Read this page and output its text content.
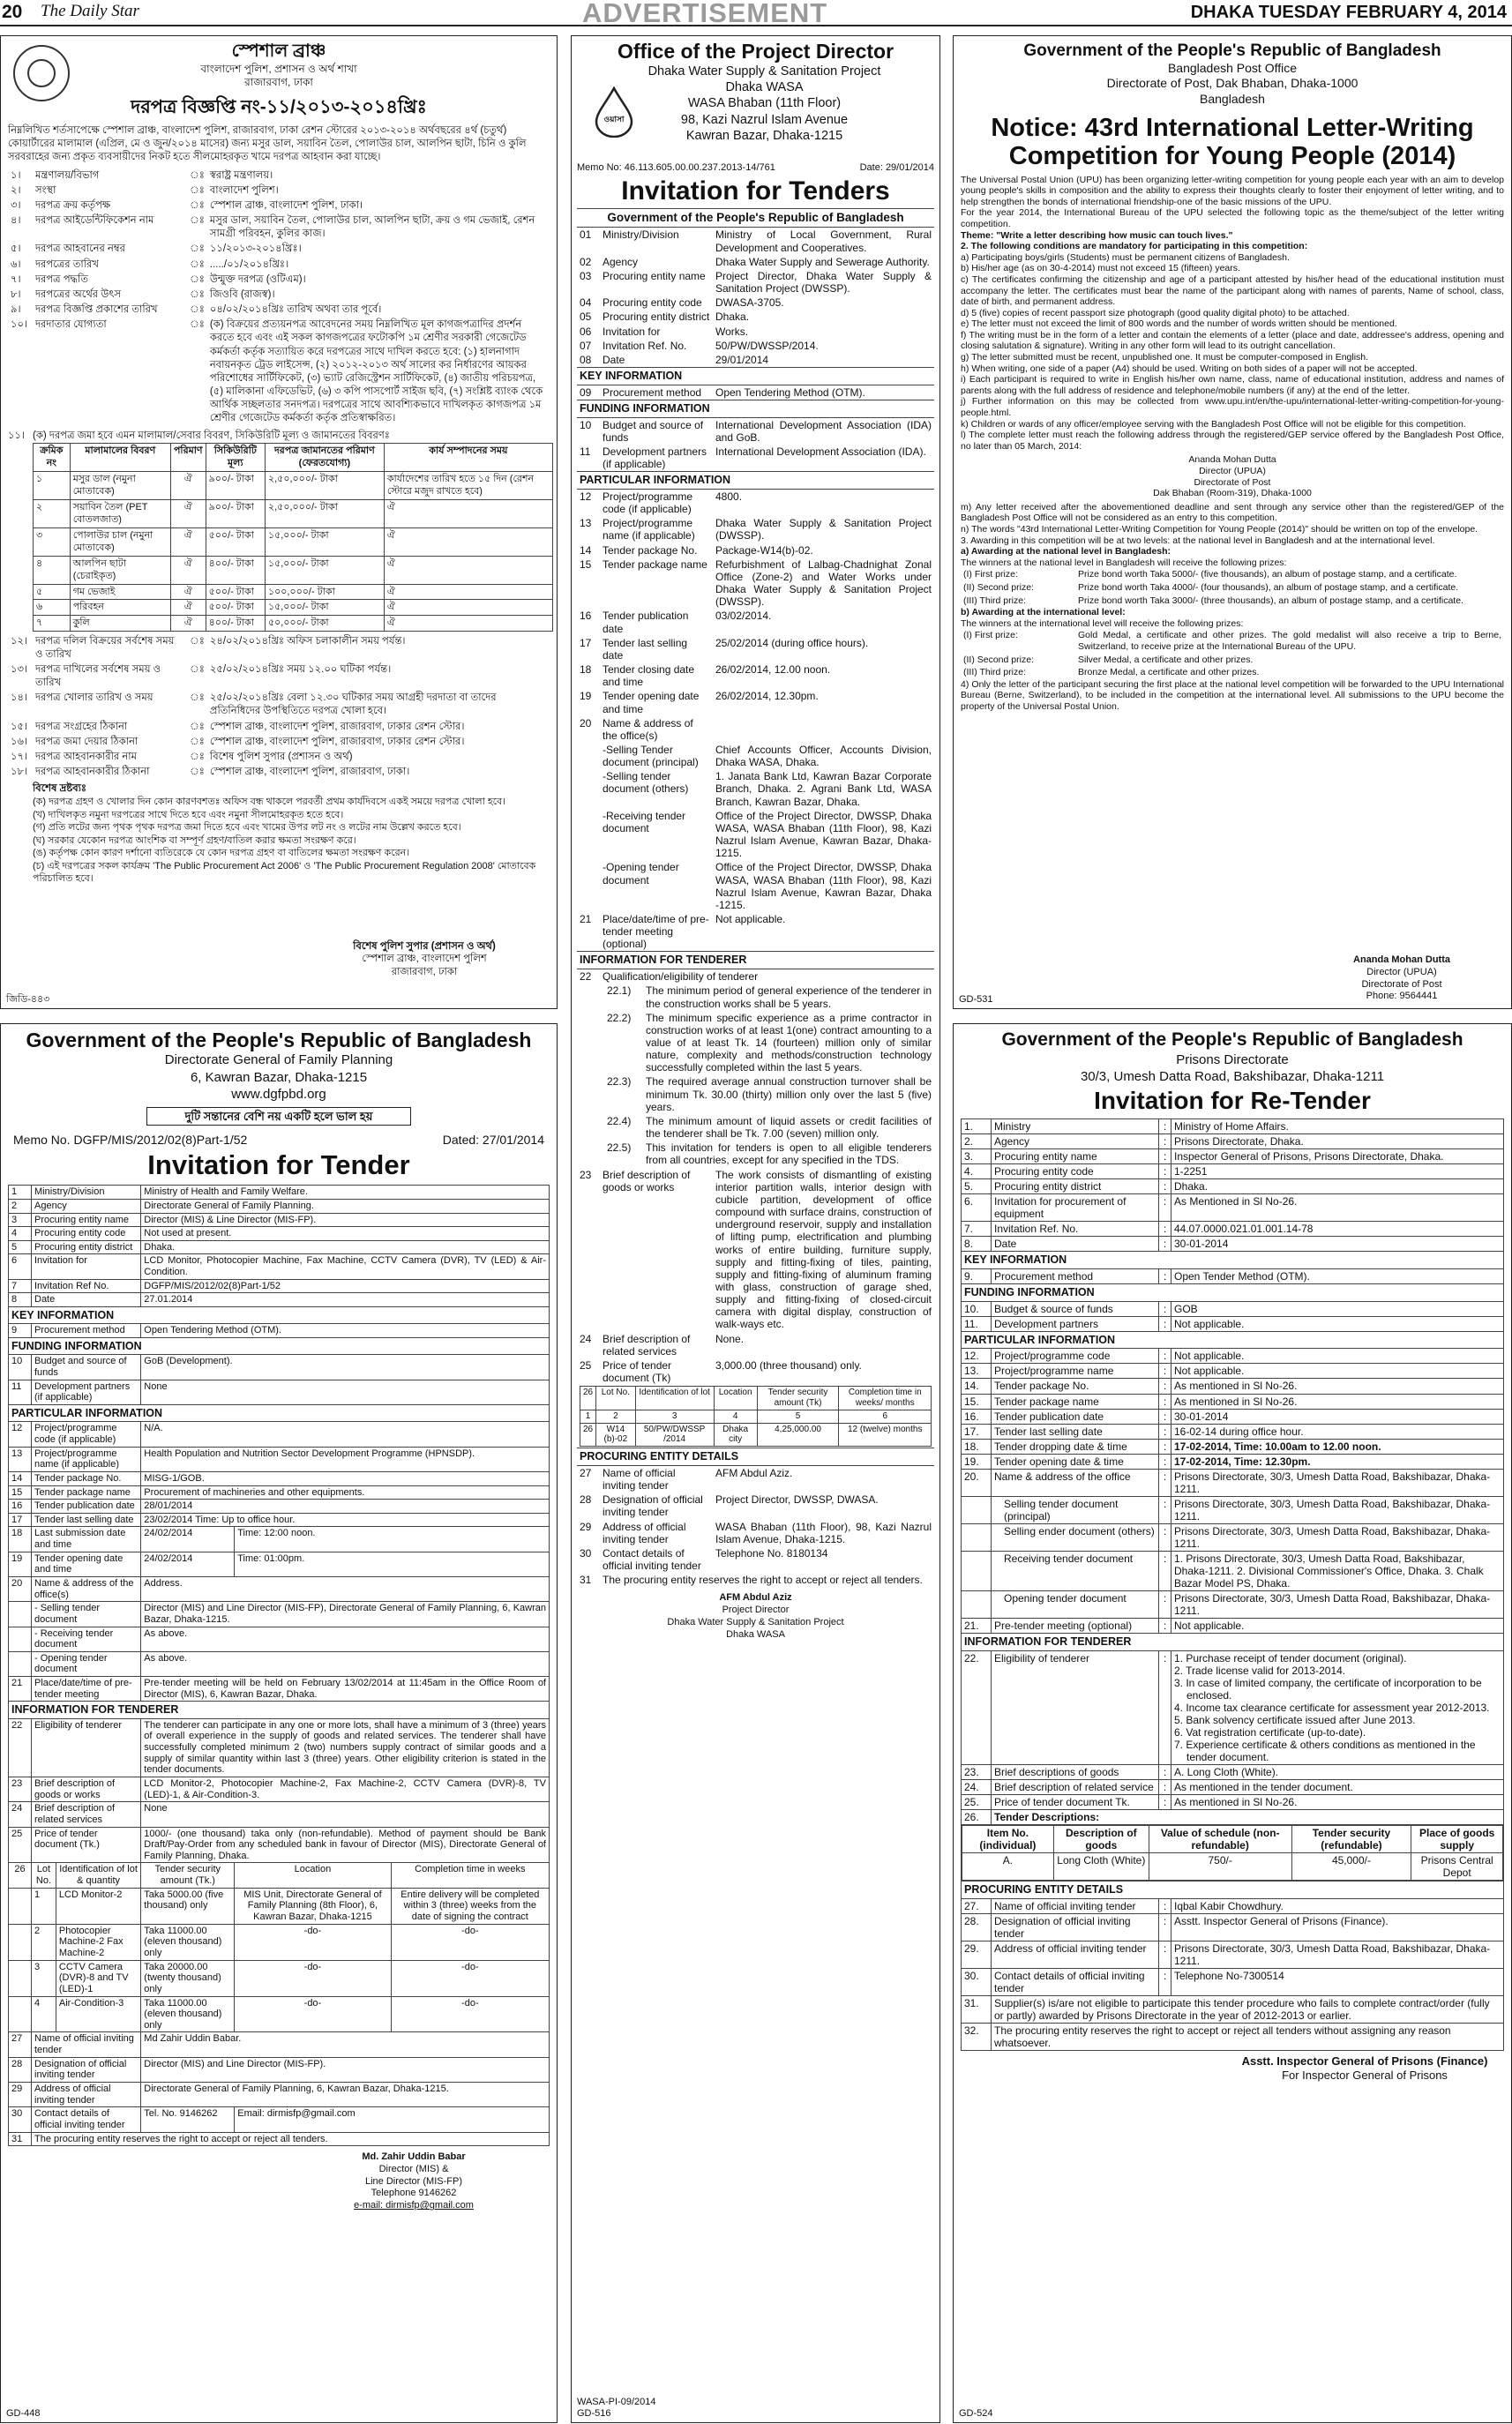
20 The Daily Star	ADVERTISEMENT	DHAKA TUESDAY FEBRUARY 4, 2014
স্পেশাল ব্রাঞ্চ
বাংলাদেশ পুলিশ, প্রশাসন ও অর্থ শাখা
রাজারবাগ, ঢাকা
দরপত্র বিজ্ঞপ্তি নং-১১/২০১৩-২০১৪খ্রিঃ
নিম্নলিখিত শর্তসাপেক্ষে স্পেশাল ব্রাঞ্চ, বাংলাদেশ পুলিশ, রাজারবাগ, ঢাকা রেশন স্টোরের ২০১৩-২০১৪ অর্থবছরের ৪র্থ (চতুর্থ) কোয়ার্টারের মালামাল (এপ্রিল, মে ও জুন/২০১৪ মাসের) জন্য মসুর ডাল, সয়াবিন তৈল, পোলাউর চাল, আলপিন ছাটা, চিনি ও কুলি সরবরাহের জন্য প্রকৃত ব্যবসায়ীদের নিকট হতে সীলমোহরকৃত খামে দরপত্র আহবান করা যাচ্ছে।
১।	মন্ত্রণালয়/বিভাগ	ঃ	স্বরাষ্ট্র মন্ত্রণালয়।
২।	সংস্থা	ঃ	বাংলাদেশ পুলিশ।
৩।	দরপত্র ক্রয় কর্তৃপক্ষ	ঃ	স্পেশাল ব্রাঞ্চ, বাংলাদেশ পুলিশ, ঢাকা।
৪।	দরপত্র আইডেন্টিফিকেশন নাম	ঃ	মসুর ডাল, সয়াবিন তৈল, পোলাউর চাল, আলপিন ছাটা, ক্রয় ও গম ভেজাই, রেশন সামগ্রী পরিবহন, কুলির কাজ।
৫।	দরপত্র আহবানের নম্বর	ঃ	১১/২০১৩-২০১৪খ্রিঃ।
৬।	দরপত্রের তারিখ	ঃ	...../০১/২০১৪খ্রিঃ।
৭।	দরপত্র পদ্ধতি	ঃ	উন্মুক্ত দরপত্র (ওটিএম)।
৮।	দরপত্রের অর্থের উৎস	ঃ	জিওবি (রাজস্ব)।
৯।	দরপত্র বিজ্ঞপ্তি প্রকাশের তারিখ	ঃ	০৪/০২/২০১৪খ্রিঃ তারিখ অথবা তার পূর্বে।
১০।	দরদাতার যোগ্যতা	ঃ	(ক) বিক্রয়ের প্রত্যয়নপত্র আবেদনের সময় নিম্নলিখিত মূল কাগজপত্রাদির প্রদর্শন করতে হবে এবং এই সকল কাগজপত্রের ফটোকপি ১ম শ্রেণীর সরকারী গেজেটেড কর্মকর্তা কর্তৃক সত্যায়িত করে দরপত্রের সাথে দাখিল করতে হবে: (১) হালনাগাদ নবায়নকৃত ট্রেড লাইসেন্স, (২) ২০১২-২০১৩ অর্থ সালের কর নির্ধারণের আয়কর পরিশোধের সার্টিফিকেট, (৩) ভ্যাট রেজিস্ট্রেশন সার্টিফিকেট, (৪) জাতীয় পরিচয়পত্র, (৫) মালিকানা এফিডেভিট, (৬) ৩ কপি পাসপোর্ট সাইজ ছবি, (৭) সংশ্লিষ্ট ব্যাংক থেকে আর্থিক সচ্ছলতার সনদপত্র। দরপত্রের সাথে আবশ্যিকভাবে দাখিলকৃত কাগজপত্র ১ম শ্রেণীর গেজেটেড কর্মকর্তা কর্তৃক প্রতিস্বাক্ষরিত।
১১। (ক) দরপত্র জমা হবে এমন মালামাল/সেবার বিবরণ, সিকিউরিটি মূল্য ও জামানতের বিবরণঃ
ক্রমিক নং	মালামালের বিবরণ	পরিমাণ	সিকিউরিটি মূল্য	দরপত্র জামানতের পরিমাণ (ফেরতযোগ্য)	কার্য সম্পাদনের সময়
১	মসুর ডাল (নমুনা মোতাবেক)	ঐ	৯০০/- টাকা	২,৫০,০০০/- টাকা	কার্যাদেশের তারিখ হতে ১৫ দিন (রেশন স্টোরে মজুদ রাখতে হবে)
২	সয়াবিন তৈল (PET বোতলজাত)	ঐ	৯০০/- টাকা	২,৫০,০০০/- টাকা	ঐ
৩	পোলাউর চাল (নমুনা মোতাবেক)	ঐ	৫০০/- টাকা	১৫,০০০/- টাকা	ঐ
৪	আলপিন ছাটা (চেরাইকৃত)	ঐ	৪০০/- টাকা	১৫,০০০/- টাকা	ঐ
৫	গম ভেজাই	ঐ	৫০০/- টাকা	১০০,০০০/- টাকা	ঐ
৬	পরিবহন	ঐ	৫০০/- টাকা	১৫,০০০/- টাকা	ঐ
৭	কুলি	ঐ	৪০০/- টাকা	৫০,০০০/- টাকা	ঐ
১২।	দরপত্র দলিল বিক্রয়ের সর্বশেষ সময় ও তারিখ	ঃ	২৪/০২/২০১৪খ্রিঃ অফিস চলাকালীন সময় পর্যন্ত।
১৩।	দরপত্র দাখিলের সর্বশেষ সময় ও তারিখ	ঃ	২৫/০২/২০১৪খ্রিঃ সময় ১২.০০ ঘটিকা পর্যন্ত।
১৪।	দরপত্র খোলার তারিখ ও সময়	ঃ	২৫/০২/২০১৪খ্রিঃ বেলা ১২.৩০ ঘটিকার সময় আগ্রহী দরদাতা বা তাদের প্রতিনিধিদের উপস্থিতিতে দরপত্র খোলা হবে।
১৫।	দরপত্র সংগ্রহের ঠিকানা	ঃ	স্পেশাল ব্রাঞ্চ, বাংলাদেশ পুলিশ, রাজারবাগ, ঢাকার রেশন স্টোর।
১৬।	দরপত্র জমা দেয়ার ঠিকানা	ঃ	স্পেশাল ব্রাঞ্চ, বাংলাদেশ পুলিশ, রাজারবাগ, ঢাকার রেশন স্টোর।
১৭।	দরপত্র আহবানকারীর নাম	ঃ	বিশেষ পুলিশ সুপার (প্রশাসন ও অর্থ)
১৮।	দরপত্র আহবানকারীর ঠিকানা	ঃ	স্পেশাল ব্রাঞ্চ, বাংলাদেশ পুলিশ, রাজারবাগ, ঢাকা।
বিশেষ দ্রষ্টব্যঃ
(ক) দরপত্র গ্রহণ ও খোলার দিন কোন কারণবশতঃ অফিস বন্ধ থাকলে পরবর্তী প্রথম কার্যদিবসে একই সময়ে দরপত্র খোলা হবে।
(খ) দাখিলকৃত নমুনা দরপত্রের সাথে দিতে হবে এবং নমুনা সীলমোহরকৃত হতে হবে।
(গ) প্রতি লটের জন্য পৃথক পৃথক দরপত্র জমা দিতে হবে এবং খামের উপর লট নং ও লটের নাম উল্লেখ করতে হবে।
(ঘ) সরকার যেকোন দরপত্র আংশিক বা সম্পূর্ণ গ্রহণ/বাতিল করার ক্ষমতা সংরক্ষণ করে।
(ঙ) কর্তৃপক্ষ কোন কারণ দর্শানো ব্যতিরেকে যে কোন দরপত্র গ্রহণ বা বাতিলের ক্ষমতা সংরক্ষণ করেন।
(চ) এই দরপত্রের সকল কার্যক্রম 'The Public Procurement Act 2006' ও 'The Public Procurement Regulation 2008' মোতাবেক পরিচালিত হবে।
বিশেষ পুলিশ সুপার (প্রশাসন ও অর্থ)
স্পেশাল ব্রাঞ্চ, বাংলাদেশ পুলিশ
রাজারবাগ, ঢাকা
জিডি-৪৪৩
Office of the Project Director
ওয়াসা
Dhaka Water Supply & Sanitation Project
Dhaka WASA
WASA Bhaban (11th Floor)
98, Kazi Nazrul Islam Avenue
Kawran Bazar, Dhaka-1215
Memo No: 46.113.605.00.00.237.2013-14/761	Date: 29/01/2014
Invitation for Tenders
Government of the People's Republic of Bangladesh
01	Ministry/Division	Ministry of Local Government, Rural Development and Cooperatives.
02	Agency	Dhaka Water Supply and Sewerage Authority.
03	Procuring entity name	Project Director, Dhaka Water Supply & Sanitation Project (DWSSP).
04	Procuring entity code	DWASA-3705.
05	Procuring entity district	Dhaka.
06	Invitation for	Works.
07	Invitation Ref. No.	50/PW/DWSSP/2014.
08	Date	29/01/2014
KEY INFORMATION
09	Procurement method	Open Tendering Method (OTM).
FUNDING INFORMATION
10	Budget and source of funds	International Development Association (IDA) and GoB.
11	Development partners (if applicable)	International Development Association (IDA).
PARTICULAR INFORMATION
12	Project/programme code (if applicable)	4800.
13	Project/programme name (if applicable)	Dhaka Water Supply & Sanitation Project (DWSSP).
14	Tender package No.	Package-W14(b)-02.
15	Tender package name	Refurbishment of Lalbag-Chadnighat Zonal Office (Zone-2) and Water Works under Dhaka Water Supply & Sanitation Project (DWSSP).
16	Tender publication date	03/02/2014.
17	Tender last selling date	25/02/2014 (during office hours).
18	Tender closing date and time	26/02/2014, 12.00 noon.
19	Tender opening date and time	26/02/2014, 12.30pm.
20	Name & address of the office(s)	
	-Selling Tender document (principal)	Chief Accounts Officer, Accounts Division, Dhaka WASA, Dhaka.
	-Selling tender document (others)	1. Janata Bank Ltd, Kawran Bazar Corporate Branch, Dhaka. 2. Agrani Bank Ltd, WASA Branch, Kawran Bazar, Dhaka.
	-Receiving tender document	Office of the Project Director, DWSSP, Dhaka WASA, WASA Bhaban (11th Floor), 98, Kazi Nazrul Islam Avenue, Kawran Bazar, Dhaka-1215.
	-Opening tender document	Office of the Project Director, DWSSP, Dhaka WASA, WASA Bhaban (11th Floor), 98, Kazi Nazrul Islam Avenue, Kawran Bazar, Dhaka -1215.
21	Place/date/time of pre-tender meeting (optional)	Not applicable.
INFORMATION FOR TENDERER
22	Qualification/eligibility of tenderer

22.1)	The minimum period of general experience of the tenderer in the construction works shall be 5 years.

22.2)	The minimum specific experience as a prime contractor in construction works of at least 1(one) contract amounting to a value of at least Tk. 14 (fourteen) million only of similar nature, complexity and methods/construction technology successfully completed within the last 5 years.

22.3)	The required average annual construction turnover shall be minimum Tk. 30.00 (thirty) million only over the last 5 (five) years.

22.4)	The minimum amount of liquid assets or credit facilities of the tenderer shall be Tk. 7.00 (seven) million only.

22.5)	This invitation for tenders is open to all eligible tenderers from all countries, except for any specified in the TDS.

23	Brief description of goods or works	The work consists of dismantling of existing interior partition walls, interior design with cubicle partition, development of office compound with surface drains, construction of underground reservoir, supply and installation of lifting pump, electrification and plumbing works of entire building, furniture supply, supply and fitting-fixing of tiles, painting, supply and fitting-fixing of aluminum framing with glass, construction of garage shed, supply and fitting-fixing of closed-circuit camera with digital display, construction of walk-ways etc.
24	Brief description of related services	None.
25	Price of tender document (Tk)	3,000.00 (three thousand) only.

26	Lot No.	Identification of lot	Location	Tender security amount (Tk)	Completion time in weeks/ months
1	2	3	4	5	6
26	W14 (b)-02	50/PW/DWSSP /2014	Dhaka city	4,25,000.00	12 (twelve) months

PROCURING ENTITY DETAILS
27	Name of official inviting tender	AFM Abdul Aziz.
28	Designation of official inviting tender	Project Director, DWSSP, DWASA.
29	Address of official inviting tender	WASA Bhaban (11th Floor), 98, Kazi Nazrul Islam Avenue, Dhaka-1215.
30	Contact details of official inviting tender	Telephone No. 8180134
31	The procuring entity reserves the right to accept or reject all tenders.
AFM Abdul Aziz
Project Director
Dhaka Water Supply & Sanitation Project
Dhaka WASA
WASA-PI-09/2014
GD-516
Government of the People's Republic of Bangladesh
Bangladesh Post Office
Directorate of Post, Dak Bhaban, Dhaka-1000
Bangladesh
Notice: 43rd International Letter-Writing Competition for Young People (2014)

The Universal Postal Union (UPU) has been organizing letter-writing competition for young people each year with an aim to develop young people's skills in composition and the ability to express their thoughts clearly to foster their enjoyment of letter writing, and to help strengthen the bonds of international friendship-one of the basic missions of the UPU.

For the year 2014, the International Bureau of the UPU selected the following topic as the theme/subject of the letter writing competition.

Theme: "Write a letter describing how music can touch lives."

2. The following conditions are mandatory for participating in this competition:

a) Participating boys/girls (Students) must be permanent citizens of Bangladesh.

b) His/her age (as on 30-4-2014) must not exceed 15 (fifteen) years.

c) The certificates confirming the citizenship and age of a participant attested by his/her head of the educational institution must accompany the letter. The certificates must bear the name of the participant along with names of parents, Name of school, class, date of birth, and permanent address.

d) 5 (five) copies of recent passport size photograph (good quality digital photo) to be attached.

e) The letter must not exceed the limit of 800 words and the number of words written should be mentioned.

f) The writing must be in the form of a letter and contain the elements of a letter (place and date, addressee's address, opening and closing salutation & signature). Writing in any other form will lead to its outright cancellation.

g) The letter submitted must be recent, unpublished one. It must be computer-composed in English.

h) When writing, one side of a paper (A4) should be used. Writing on both sides of a paper will not be accepted.

i) Each participant is required to write in English his/her own name, class, name of educational institution, address and names of parents along with the full address of residence and telephone/mobile numbers (if any) at the end of the letter.

j) Further information on this may be collected from www.upu.int/en/the-upu/international-letter-writing-competition-for-young-people.html.

k) Children or wards of any officer/employee serving with the Bangladesh Post Office will not be eligible for this competition.

l) The complete letter must reach the following address through the registered/GEP service offered by the Bangladesh Post Office, no later than 05 March, 2014:

Ananda Mohan Dutta
Director (UPUA)
Directorate of Post
Dak Bhaban (Room-319), Dhaka-1000

m) Any letter received after the abovementioned deadline and sent through any service other than the registered/GEP of the Bangladesh Post Office will not be considered as an entry to this competition.

n) The words "43rd International Letter-Writing Competition for Young People (2014)" should be written on top of the envelope.

3. Awarding in this competition will be at two levels: at the national level in Bangladesh and at the international level.

a) Awarding at the national level in Bangladesh:

The winners at the national level in Bangladesh will receive the following prizes:

(I) First prize:	Prize bond worth Taka 5000/- (five thousands), an album of postage stamp, and a certificate.
(II) Second prize:	Prize bond worth Taka 4000/- (four thousands), an album of postage stamp, and a certificate.
(III) Third prize:	Prize bond worth Taka 3000/- (three thousands), an album of postage stamp, and a certificate.

b) Awarding at the international level:

The winners at the international level will receive the following prizes:

(I) First prize:	Gold Medal, a certificate and other prizes. The gold medalist will also receive a trip to Berne, Switzerland, to receive prize at the International Bureau of the UPU.
(II) Second prize:	Silver Medal, a certificate and other prizes.
(III) Third prize:	Bronze Medal, a certificate and other prizes.

4) Only the letter of the participant securing the first place at the national level competition will be forwarded to the UPU International Bureau (Berne, Switzerland), to be included in the competition at the international level. All submissions to the UPU become the property of the Universal Postal Union.

Ananda Mohan Dutta
Director (UPUA)
Directorate of Post
Phone: 9564441
GD-531
Government of the People's Republic of Bangladesh
Directorate General of Family Planning
6, Kawran Bazar, Dhaka-1215
www.dgfpbd.org
দুটি সন্তানের বেশি নয় একটি হলে ভাল হয়
Memo No. DGFP/MIS/2012/02(8)Part-1/52	Dated: 27/01/2014
Invitation for Tender
1	Ministry/Division		Ministry of Health and Family Welfare.		
2	Agency		Directorate General of Family Planning.		
3	Procuring entity name		Director (MIS) & Line Director (MIS-FP).		
4	Procuring entity code		Not used at present.		
5	Procuring entity district		Dhaka.		
6	Invitation for		LCD Monitor, Photocopier Machine, Fax Machine, CCTV Camera (DVR), TV (LED) & Air-Condition.		
7	Invitation Ref No.		DGFP/MIS/2012/02(8)Part-1/52		
8	Date		27.01.2014		
KEY INFORMATION					
9	Procurement method		Open Tendering Method (OTM).		
FUNDING INFORMATION					
10	Budget and source of funds		GoB (Development).		
11	Development partners (if applicable)		None		
PARTICULAR INFORMATION					
12	Project/programme code (if applicable)		N/A.		
13	Project/programme name (if applicable)		Health Population and Nutrition Sector Development Programme (HPNSDP).		
14	Tender package No.		MISG-1/GOB.		
15	Tender package name		Procurement of machineries and other equipments.		
16	Tender publication date		28/01/2014		
17	Tender last selling date		23/02/2014 Time: Up to office hour.		
18	Last submission date and time		24/02/2014	Time: 12:00 noon.	
19	Tender opening date and time		24/02/2014	Time: 01:00pm.	
20	Name & address of the office(s)		Address.		
	- Selling tender document		Director (MIS) and Line Director (MIS-FP), Directorate General of Family Planning, 6, Kawran Bazar, Dhaka-1215.		
	- Receiving tender document		As above.		
	- Opening tender document		As above.		
21	Place/date/time of pre-tender meeting		Pre-tender meeting will be held on February 13/02/2014 at 11:45am in the Office Room of Director (MIS), 6, Kawran Bazar, Dhaka.		
INFORMATION FOR TENDERER					
22	Eligibility of tenderer		The tenderer can participate in any one or more lots, shall have a minimum of 3 (three) years of overall experience in the supply of goods and related services. The tenderer shall have successfully completed minimum 2 (two) numbers supply contract of similar goods and a supply of similar quantity within last 3 (three) years. Other eligibility criterion is stated in the tender documents.		
23	Brief description of goods or works		LCD Monitor-2, Photocopier Machine-2, Fax Machine-2, CCTV Camera (DVR)-8, TV (LED)-1, & Air-Condition-3.		
24	Brief description of related services		None		
25	Price of tender document (Tk.)		1000/- (one thousand) taka only (non-refundable). Method of payment should be Bank Draft/Pay-Order from any scheduled bank in favour of Director (MIS), Directorate General of Family Planning, Dhaka.		
26	Lot No.	Identification of lot & quantity	Tender security amount (Tk.)	Location	Completion time in weeks
	1	LCD Monitor-2	Taka 5000.00 (five thousand) only	MIS Unit, Directorate General of Family Planning (8th Floor), 6, Kawran Bazar, Dhaka-1215	Entire delivery will be completed within 3 (three) weeks from the date of signing the contract
	2	Photocopier Machine-2 Fax Machine-2	Taka 11000.00 (eleven thousand) only	-do-	-do-
	3	CCTV Camera (DVR)-8 and TV (LED)-1	Taka 20000.00 (twenty thousand) only	-do-	-do-
	4	Air-Condition-3	Taka 11000.00 (eleven thousand) only	-do-	-do-
27	Name of official inviting tender		Md Zahir Uddin Babar.		
28	Designation of official inviting tender		Director (MIS) and Line Director (MIS-FP).		
29	Address of official inviting tender		Directorate General of Family Planning, 6, Kawran Bazar, Dhaka-1215.		
30	Contact details of official inviting tender		Tel. No. 9146262	Email: dirmisfp@gmail.com	
31	The procuring entity reserves the right to accept or reject all tenders.				
Md. Zahir Uddin Babar
Director (MIS) &
Line Director (MIS-FP)
Telephone 9146262
e-mail: dirmisfp@gmail.com
GD-448
Government of the People's Republic of Bangladesh
Prisons Directorate
30/3, Umesh Datta Road, Bakshibazar, Dhaka-1211
Invitation for Re-Tender
1.	Ministry	:	Ministry of Home Affairs.
2.	Agency	:	Prisons Directorate, Dhaka.
3.	Procuring entity name	:	Inspector General of Prisons, Prisons Directorate, Dhaka.
4.	Procuring entity code	:	1-2251
5.	Procuring entity district	:	Dhaka.
6.	Invitation for procurement of equipment	:	As Mentioned in Sl No-26.
7.	Invitation Ref. No.	:	44.07.0000.021.01.001.14-78
8.	Date	:	30-01-2014
KEY INFORMATION
9.	Procurement method	:	Open Tender Method (OTM).
FUNDING INFORMATION
10.	Budget & source of funds	:	GOB
11.	Development partners	:	Not applicable.
PARTICULAR INFORMATION
12.	Project/programme code	:	Not applicable.
13.	Project/programme name	:	Not applicable.
14.	Tender package No.	:	As mentioned in Sl No-26.
15.	Tender package name	:	As mentioned in Sl No-26.
16.	Tender publication date	:	30-01-2014
17.	Tender last selling date	:	16-02-14 during office hour.
18.	Tender dropping date & time	:	17-02-2014, Time: 10.00am to 12.00 noon.
19.	Tender opening date & time	:	17-02-2014, Time: 12.30pm.
20.	Name & address of the office	:	Prisons Directorate, 30/3, Umesh Datta Road, Bakshibazar, Dhaka-1211.
	Selling tender document (principal)	:	Prisons Directorate, 30/3, Umesh Datta Road, Bakshibazar, Dhaka-1211.
	Selling ender document (others)	:	Prisons Directorate, 30/3, Umesh Datta Road, Bakshibazar, Dhaka-1211.
	Receiving tender document	:	1. Prisons Directorate, 30/3, Umesh Datta Road, Bakshibazar, Dhaka-1211. 2. Divisional Commissioner's Office, Dhaka. 3. Chalk Bazar Model PS, Dhaka.
	Opening tender document	:	Prisons Directorate, 30/3, Umesh Datta Road, Bakshibazar, Dhaka-1211.
21.	Pre-tender meeting (optional)	:	Not applicable.
INFORMATION FOR TENDERER
22.	Eligibility of tenderer	:	1. Purchase receipt of tender document (original).
2. Trade license valid for 2013-2014.
3. In case of limited company, the certificate of incorporation to be enclosed.
4. Income tax clearance certificate for assessment year 2012-2013.
5. Bank solvency certificate issued after June 2013.
6. Vat registration certificate (up-to-date).
7. Experience certificate & others conditions as mentioned in the tender document.

23.	Brief descriptions of goods	:	A. Long Cloth (White).
24.	Brief description of related service	:	As mentioned in the tender document.
25.	Price of tender document Tk.	:	As mentioned in Sl No-26.
26.	Tender Descriptions:

Item No. (individual)	Description of goods	Value of schedule (non- refundable)	Tender security (refundable)	Place of goods supply
A.	Long Cloth (White)	750/-	45,000/-	Prisons Central Depot

PROCURING ENTITY DETAILS
27.	Name of official inviting tender	:	Iqbal Kabir Chowdhury.
28.	Designation of official inviting tender	:	Asstt. Inspector General of Prisons (Finance).
29.	Address of official inviting tender	:	Prisons Directorate, 30/3, Umesh Datta Road, Bakshibazar, Dhaka-1211.
30.	Contact details of official inviting tender	:	Telephone No-7300514
31.	Supplier(s) is/are not eligible to participate this tender procedure who fails to complete contract/order (fully or partly) awarded by Prisons Directorate in the year of 2012-2013 or earlier.
32.	The procuring entity reserves the right to accept or reject all tenders without assigning any reason whatsoever.
Asstt. Inspector General of Prisons (Finance)
For Inspector General of Prisons
GD-524
